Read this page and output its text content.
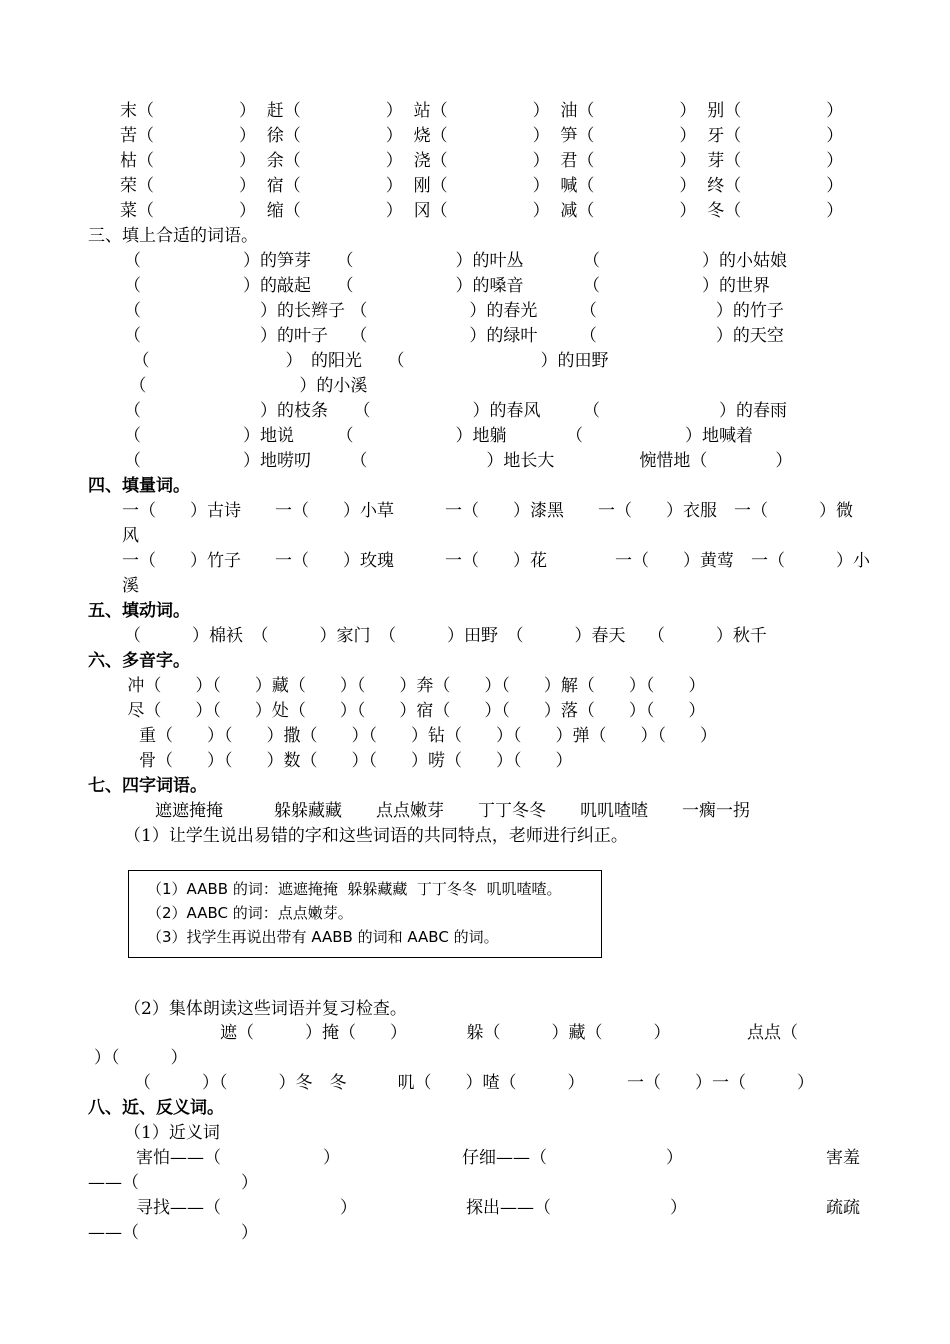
末（　　　　　）  赶（　　　　　）  站（　　　　　）  油（　　　　　）  别（　　　　　）
苦（　　　　　）  徐（　　　　　）  烧（　　　　　）  笋（　　　　　）  牙（　　　　　）
枯（　　　　　）  余（　　　　　）  浇（　　　　　）  君（　　　　　）  芽（　　　　　）
荣（　　　　　）  宿（　　　　　）  刚（　　　　　）  喊（　　　　　）  终（　　　　　）
菜（　　　　　）  缩（　　　　　）  冈（　　　　　）  减（　　　　　）  冬（　　　　　）
三、填上合适的词语。
（　　　　　　）的笋芽　　（　　　　　　）的叶丛　　　　（　　　　　　）的小姑娘
（　　　　　　）的敲起　　（　　　　　　）的嗓音　　　　（　　　　　　）的世界
（　　　　　　　）的长辫子 （　　　　　　）的春光　　　（　　　　　　　）的竹子
（　　　　　　　）的叶子　 （　　　　　　）的绿叶　　　（　　　　　　　）的天空
　（　　　　　　　　）　的阳光　　（　　　　　　　　）的田野
（　　　　　　　　　）的小溪
（　　　　　　　）的枝条　　（　　　　　　）的春风　　　（　　　　　　　）的春雨
（　　　　　　）地说　　　（　　　　　　）地躺　　　　（　　　　　　）地喊着
（　　　　　　）地唠叨　　 （　　　　　　　）地长大　　　　　惋惜地（　　　　）
四、填量词。
一（　　）古诗　　一（　　）小草　　　一（　　）漆黑　　一（　　）衣服　一（　　　）微
风
一（　　）竹子　　一（　　）玫瑰　　　一（　　）花　　　　一（　　）黄莺　一（　　　）小
溪
五、填动词。
（　　　）棉袄　（　　　）家门　（　　　）田野　（　　　）春天　 （　　　）秋千
六、多音字。
冲（　　）（　　）藏（　　）（　　）奔（　　）（　　）解（　　）（　　）
尽（　　）（　　）处（　　）（　　）宿（　　）（　　）落（　　）（　　）
　重（　　）（　　）撒（　　）（　　）钻（　　）（　　）弹（　　）（　　）
　骨（　　）（　　）数（　　）（　　）唠（　　）（　　）
七、四字词语。
遮遮掩掩　　　躲躲藏藏　　点点嫩芽　　丁丁冬冬　　叽叽喳喳　　一瘸一拐
（1）让学生说出易错的字和这些词语的共同特点，老师进行纠正。
（1）AABB 的词：遮遮掩掩  躲躲藏藏  丁丁冬冬  叽叽喳喳。
（2）AABC 的词：点点嫩芽。
（3）找学生再说出带有 AABB 的词和 AABC 的词。
（2）集体朗读这些词语并复习检查。
遮（　　　）掩（　　）　　　　躲（　　　）藏（　　　）　　　　　点点（
）（　　　）
（　　　）（　　　）冬　冬　　　叽（　　）喳（　　　）　　　一（　　）一（　　　）
八、近、反义词。
（1）近义词
害怕——（　　　　　　）	仔细——（　　　　　　　）	害羞
——（　　　　　　）
寻找——（　　　　　　　）	探出——（　　　　　　　）	疏疏
——（　　　　　　）
